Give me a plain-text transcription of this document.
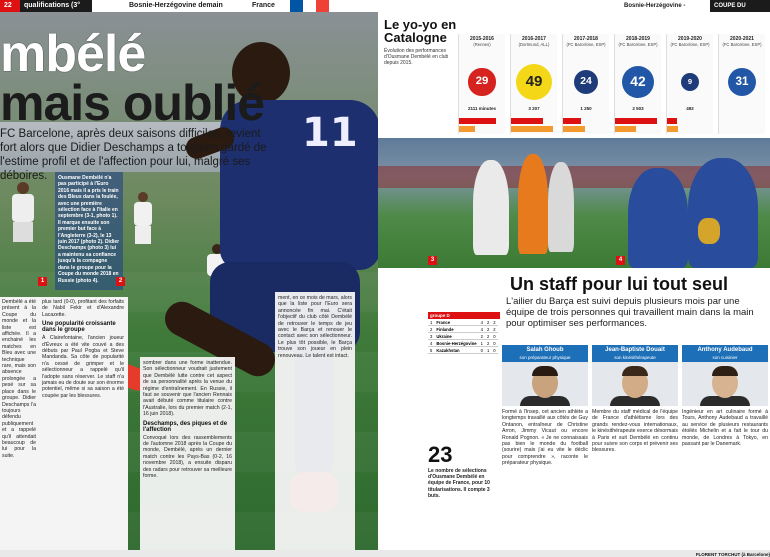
22	qualifications (3°	Bosnie-Herzégovine demain	France	Bosnie-Herzégovine -	COUPE DU
11
mbélé
mais oublié
FC Barcelone, après deux saisons difficiles, revient fort alors que Didier Deschamps a toujours gardé de l'estime profil et de l'affection pour lui, malgré ses déboires.	Ousmane Dembélé n'a pas participé à l'Euro 2016 mais il a pris le train des Bleus dans la foulée, avec une première sélection face à l'Italie en septembre (3-1, photo 1). Il marque ensuite son premier but face à l'Angleterre (3-2), le 13 juin 2017 (photo 2). Didier Deschamps (photo 3) lui a maintenu sa confiance jusqu'à la compagne dans le groupe pour la Coupe du monde 2018 en Russie (photo 4).
1	2
Dembélé a été présent à la Coupe du monde et la liste est affichée. Il a enchainé les matches en Bleu avec une technique rare, mais son absence prolongée a pesé sur sa place dans le groupe. Didier Deschamps l'a toujours défendu publiquement et a rappelé qu'il attendait beaucoup de lui pour la suite.
plus tard (0-0), profitant des forfaits de Nabil Fekir et d'Alexandre Lacazette.
Une popularité croissante dans le groupe
À Clairefontaine, l'ancien joueur d'Évreux a été vite couvé a des débuts par Paul Pogba et Steve Mandanda. Sa côte de popularité n'a cessé de grimper et le sélectionneur a rappelé qu'il l'adopte sans réserver. Le staff n'a jamais eu de doute sur son énorme potentiel, même si sa saison a été coupée par les blessures.
sombrer dans une forme inattendue. Son sélectionneur voudrait justement que Dembélé lutte contre cet aspect de sa personnalité après la venue du régime d'entraînement. En Russie, il faut se souvenir que l'ancien Rennais avait débuté comme titulaire contre l'Australie, lors du premier match (2-1, 16 juin 2018).
Deschamps, des piques et de l'affection
Convoqué lors des rassemblements de l'automne 2018 après la Coupe du monde, Dembélé, après un dernier match contre les Pays-Bas (0-2, 16 novembre 2018), a ensuite disparu des radars pour retrouver sa meilleure forme.
ment, en ce mois de mars, alors que la liste pour l'Euro sera annoncée fin mai. C'était l'objectif du club côté Dembélé de retrouver le temps de jeu avec le Barça et renouer le contact avec son sélectionneur. Le plus tôt possible, le Barça trouve son joueur en plein renouveau. Le talent est intact.
Le yo-yo en Catalogne
Évolution des performances d'Ousmane Dembélé en club depuis 2015.
2015-2016
(Rennes)
29
2111 minutes
2016-2017
(Dortmund, ALL)
49
3 207
2017-2018
(FC Barcelone, ESP)
24
1 250
2018-2019
(FC Barcelone, ESP)
42
2 503
2019-2020
(FC Barcelone, ESP)
9
492
2020-2021
(FC Barcelone, ESP)
31
3	4
Un staff pour lui tout seul
L'ailier du Barça est suivi depuis plusieurs mois par une équipe de trois personnes qui travaillent main dans la main pour optimiser ses performances.
groupe D
1	France	4	2	2
2	Finlande	4	2	2
3	Ukraine	2	2	0
4	Bosnie-Herzégovine	1	2	0
5	Kazakhstan	0	1	0
23
Le nombre de sélections d'Ousmane Dembélé en équipe de France, pour 10 titularisations. Il compte 3 buts.
Salah Ghoub
son préparateur physique
Formé à l'Insep, cet ancien athlète a longtemps travaillé aux côtés de Guy Ontanon, entraîneur de Christine Arron, Jimmy Vicaut ou encore Ronald Pognon. « Je ne connaissais pas bien le monde du football (sourire) mais j'ai eu vite le déclic pour comprendre », raconte le préparateur physique.
Jean-Baptiste Douait
son kinésithérapeute
Membre du staff médical de l'équipe de France d'athlétisme lors des grands rendez-vous internationaux, le kinésithérapeute exerce désormais à Paris et suit Dembélé en continu pour suivre son corps et prévenir ses blessures.
Anthony Audebaud
son cuisinier
Ingénieur en art culinaire formé à Tours, Anthony Audebaud a travaillé au service de plusieurs restaurants étoilés Michelin et a fait le tour du monde, de Londres à Tokyo, en passant par le Danemark.
FLORENT TORCHUT (à Barcelone)
